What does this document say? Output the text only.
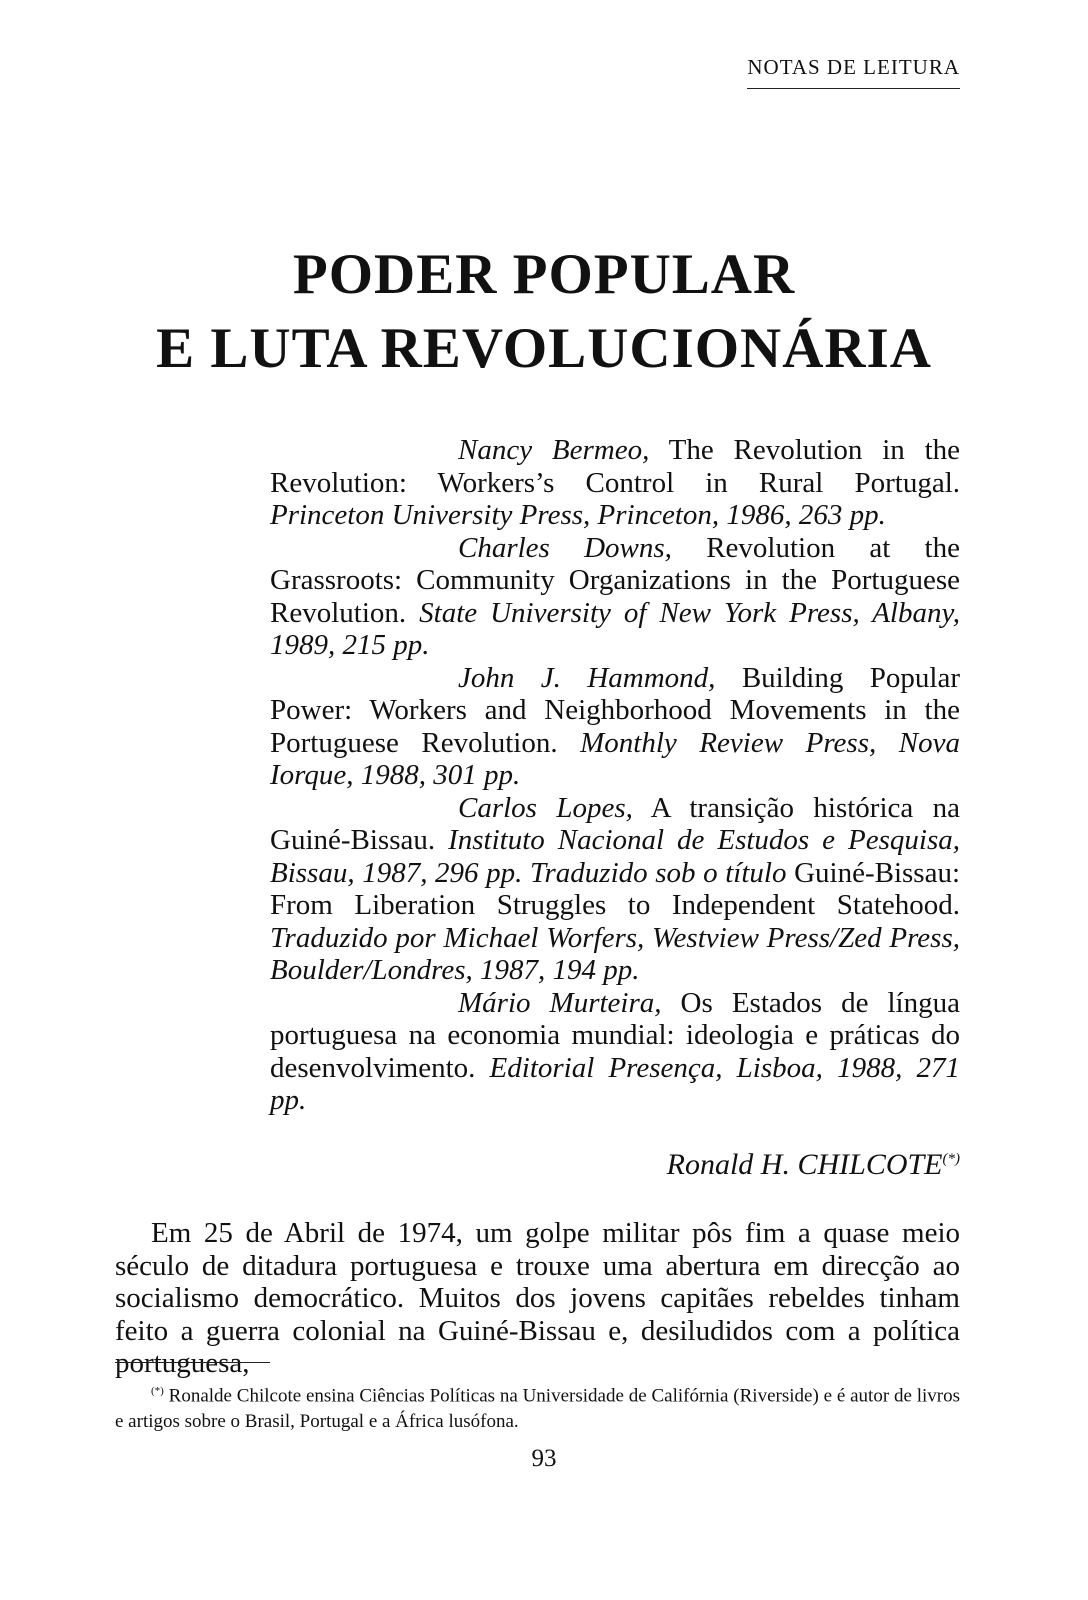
NOTAS DE LEITURA
PODER POPULAR
E LUTA REVOLUCIONÁRIA

Nancy Bermeo, The Revolution in the Revolution: Workers’s Control in Rural Portugal. Princeton University Press, Princeton, 1986, 263 pp.

Charles Downs, Revolution at the Grassroots: Community Organizations in the Portuguese Revolution. State University of New York Press, Albany, 1989, 215 pp.

John J. Hammond, Building Popular Power: Workers and Neighborhood Movements in the Portuguese Revolution. Monthly Review Press, Nova Iorque, 1988, 301 pp.

Carlos Lopes, A transição histórica na Guiné-Bissau. Instituto Nacional de Estudos e Pesquisa, Bissau, 1987, 296 pp. Traduzido sob o título Guiné-Bissau: From Liberation Struggles to Independent Statehood. Traduzido por Michael Worfers, Westview Press/Zed Press, Boulder/Londres, 1987, 194 pp.

Mário Murteira, Os Estados de língua portuguesa na economia mundial: ideologia e práticas do desenvolvimento. Editorial Presença, Lisboa, 1988, 271 pp.

Ronald H. CHILCOTE(*)
Em 25 de Abril de 1974, um golpe militar pôs fim a quase meio século de ditadura portuguesa e trouxe uma abertura em direcção ao socialismo democrático. Muitos dos jovens capitães rebeldes tinham feito a guerra colonial na Guiné-Bissau e, desiludidos com a política portuguesa,
(*) Ronalde Chilcote ensina Ciências Políticas na Universidade de Califórnia (Riverside) e é autor de livros e artigos sobre o Brasil, Portugal e a África lusófona.
93
